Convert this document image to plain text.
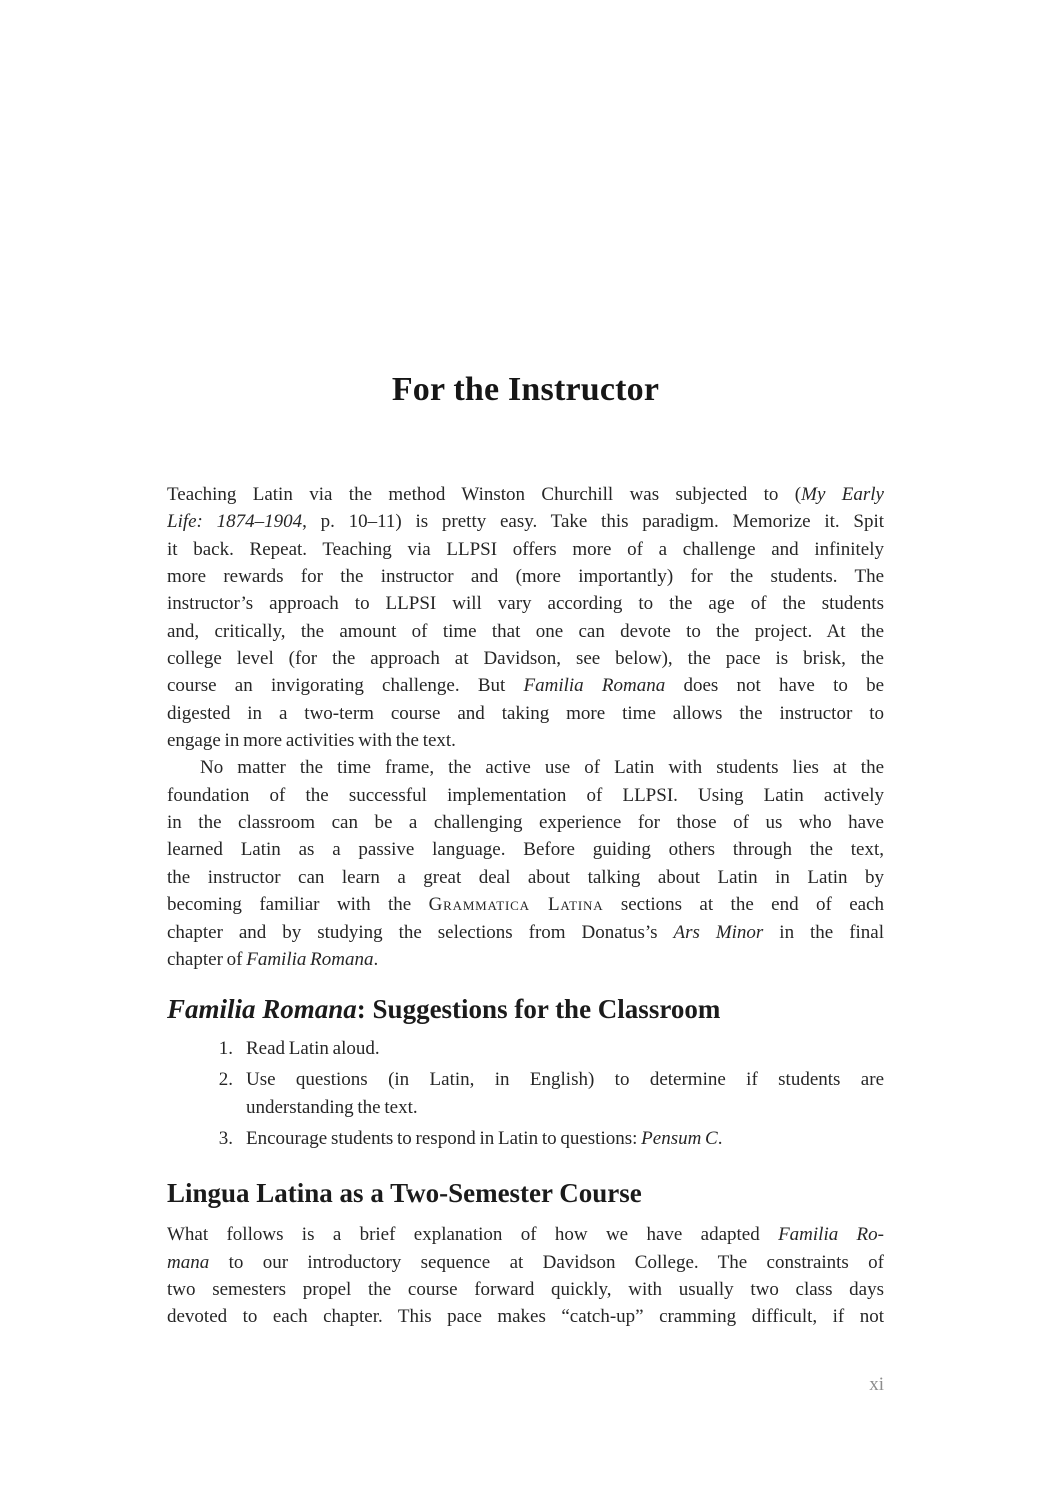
For the Instructor
Teaching Latin via the method Winston Churchill was subjected to (My Early
Life: 1874–1904, p. 10–11) is pretty easy. Take this paradigm. Memorize it. Spit
it back. Repeat. Teaching via LLPSI offers more of a challenge and infinitely
more rewards for the instructor and (more importantly) for the students. The
instructor’s approach to LLPSI will vary according to the age of the students
and, critically, the amount of time that one can devote to the project. At the
college level (for the approach at Davidson, see below), the pace is brisk, the
course an invigorating challenge. But Familia Romana does not have to be
digested in a two-term course and taking more time allows the instructor to
engage in more activities with the text.
No matter the time frame, the active use of Latin with students lies at the
foundation of the successful implementation of LLPSI. Using Latin actively
in the classroom can be a challenging experience for those of us who have
learned Latin as a passive language. Before guiding others through the text,
the instructor can learn a great deal about talking about Latin in Latin by
becoming familiar with the Grammatica Latina sections at the end of each
chapter and by studying the selections from Donatus’s Ars Minor in the final
chapter of Familia Romana.
Familia Romana: Suggestions for the Classroom
1. Read Latin aloud.
2. Use questions (in Latin, in English) to determine if students are
understanding the text.
3. Encourage students to respond in Latin to questions: Pensum C.
Lingua Latina as a Two-Semester Course
What follows is a brief explanation of how we have adapted Familia Ro-
mana to our introductory sequence at Davidson College. The constraints of
two semesters propel the course forward quickly, with usually two class days
devoted to each chapter. This pace makes “catch-up” cramming difficult, if not
xi
